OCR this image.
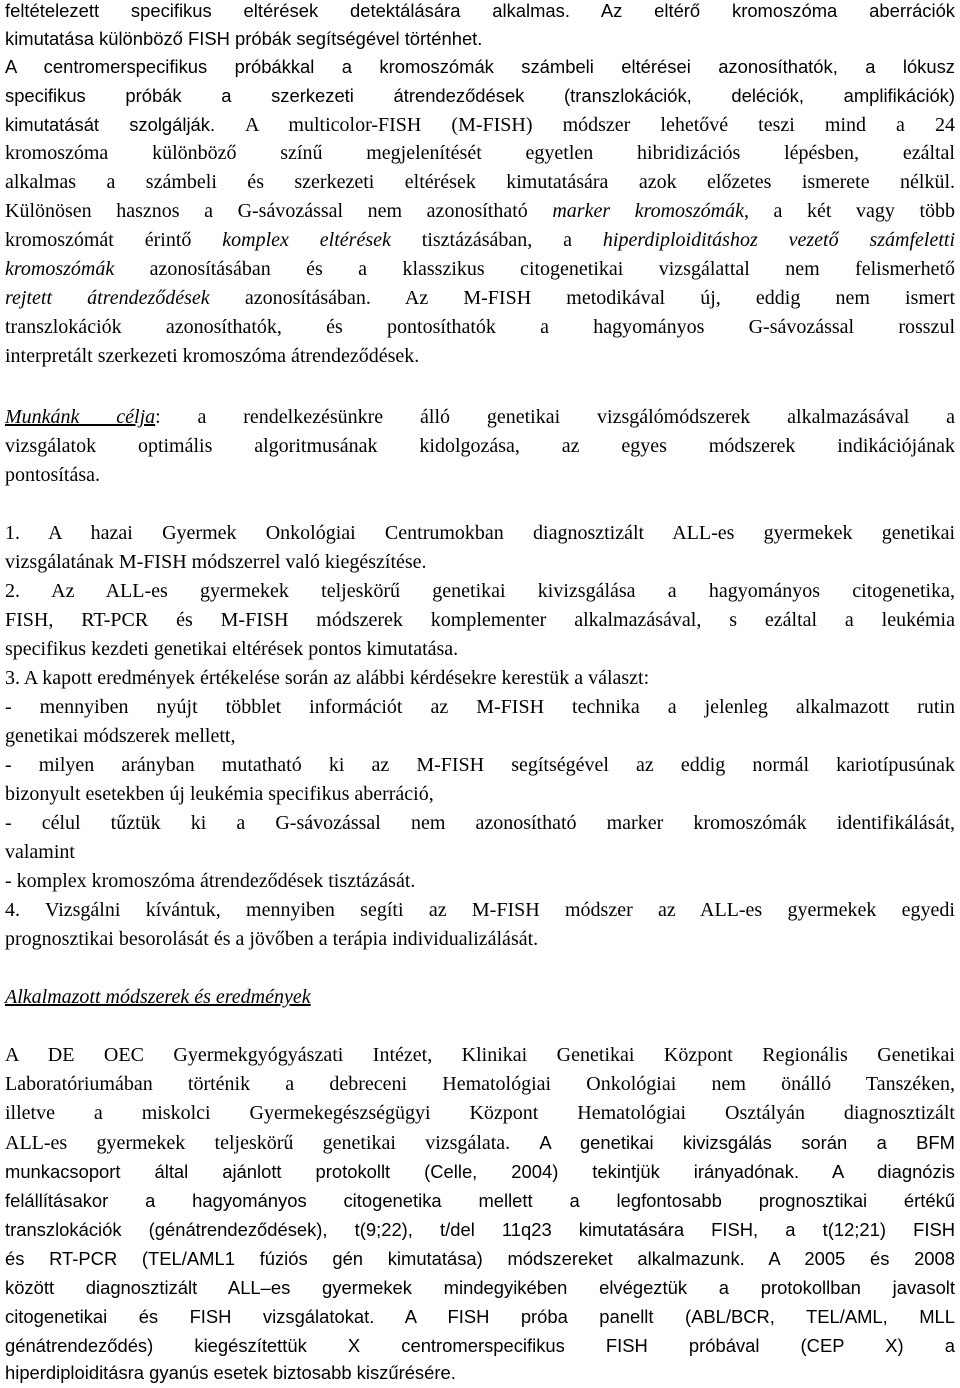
feltételezett specifikus eltérések detektálására alkalmas. Az eltérő kromoszóma aberrációk
kimutatása különböző FISH próbák segítségével történhet.
A centromerspecifikus próbákkal a kromoszómák számbeli eltérései azonosíthatók, a lókusz
specifikus próbák a szerkezeti átrendeződések (transzlokációk, deléciók, amplifikációk)
kimutatását szolgálják. A multicolor-FISH (M-FISH) módszer lehetővé teszi mind a 24
kromoszóma különböző színű megjelenítését egyetlen hibridizációs lépésben, ezáltal
alkalmas a számbeli és szerkezeti eltérések kimutatására azok előzetes ismerete nélkül.
Különösen hasznos a G-sávozással nem azonosítható marker kromoszómák, a két vagy több
kromoszómát érintő komplex eltérések tisztázásában, a hiperdiploiditáshoz vezető számfeletti
kromoszómák azonosításában és a klasszikus citogenetikai vizsgálattal nem felismerhető
rejtett átrendeződések azonosításában. Az M-FISH metodikával új, eddig nem ismert
transzlokációk azonosíthatók, és pontosíthatók a hagyományos G-sávozással rosszul
interpretált szerkezeti kromoszóma átrendeződések.
Munkánk célja: a rendelkezésünkre álló genetikai vizsgálómódszerek alkalmazásával a
vizsgálatok optimális algoritmusának kidolgozása, az egyes módszerek indikációjának
pontosítása.
1. A hazai Gyermek Onkológiai Centrumokban diagnosztizált ALL-es gyermekek genetikai
vizsgálatának M-FISH módszerrel való kiegészítése.
2. Az ALL-es gyermekek teljeskörű genetikai kivizsgálása a hagyományos citogenetika,
FISH, RT-PCR és M-FISH módszerek komplementer alkalmazásával, s ezáltal a leukémia
specifikus kezdeti genetikai eltérések pontos kimutatása.
3. A kapott eredmények értékelése során az alábbi kérdésekre kerestük a választ:
- mennyiben nyújt többlet információt az M-FISH technika a jelenleg alkalmazott rutin
genetikai módszerek mellett,
- milyen arányban mutatható ki az M-FISH segítségével az eddig normál kariotípusúnak
bizonyult esetekben új leukémia specifikus aberráció,
- célul tűztük ki a G-sávozással nem azonosítható marker kromoszómák identifikálását,
valamint
- komplex kromoszóma átrendeződések tisztázását.
4. Vizsgálni kívántuk, mennyiben segíti az M-FISH módszer az ALL-es gyermekek egyedi
prognosztikai besorolását és a jövőben a terápia individualizálását.
Alkalmazott módszerek és eredmények
A DE OEC Gyermekgyógyászati Intézet, Klinikai Genetikai Központ Regionális Genetikai
Laboratóriumában történik a debreceni Hematológiai Onkológiai nem önálló Tanszéken,
illetve a miskolci Gyermekegészségügyi Központ Hematológiai Osztályán diagnosztizált
ALL-es gyermekek teljeskörű genetikai vizsgálata. A genetikai kivizsgálás során a BFM
munkacsoport által ajánlott protokollt (Celle, 2004) tekintjük irányadónak. A diagnózis
felállításakor a hagyományos citogenetika mellett a legfontosabb prognosztikai értékű
transzlokációk (génátrendeződések), t(9;22), t/del 11q23 kimutatására FISH, a t(12;21) FISH
és RT-PCR (TEL/AML1 fúziós gén kimutatása) módszereket alkalmazunk. A 2005 és 2008
között diagnosztizált ALL–es gyermekek mindegyikében elvégeztük a protokollban javasolt
citogenetikai és FISH vizsgálatokat. A FISH próba panellt (ABL/BCR, TEL/AML, MLL
génátrendeződés) kiegészítettük X centromerspecifikus FISH próbával (CEP X) a
hiperdiploiditásra gyanús esetek biztosabb kiszűrésére.
